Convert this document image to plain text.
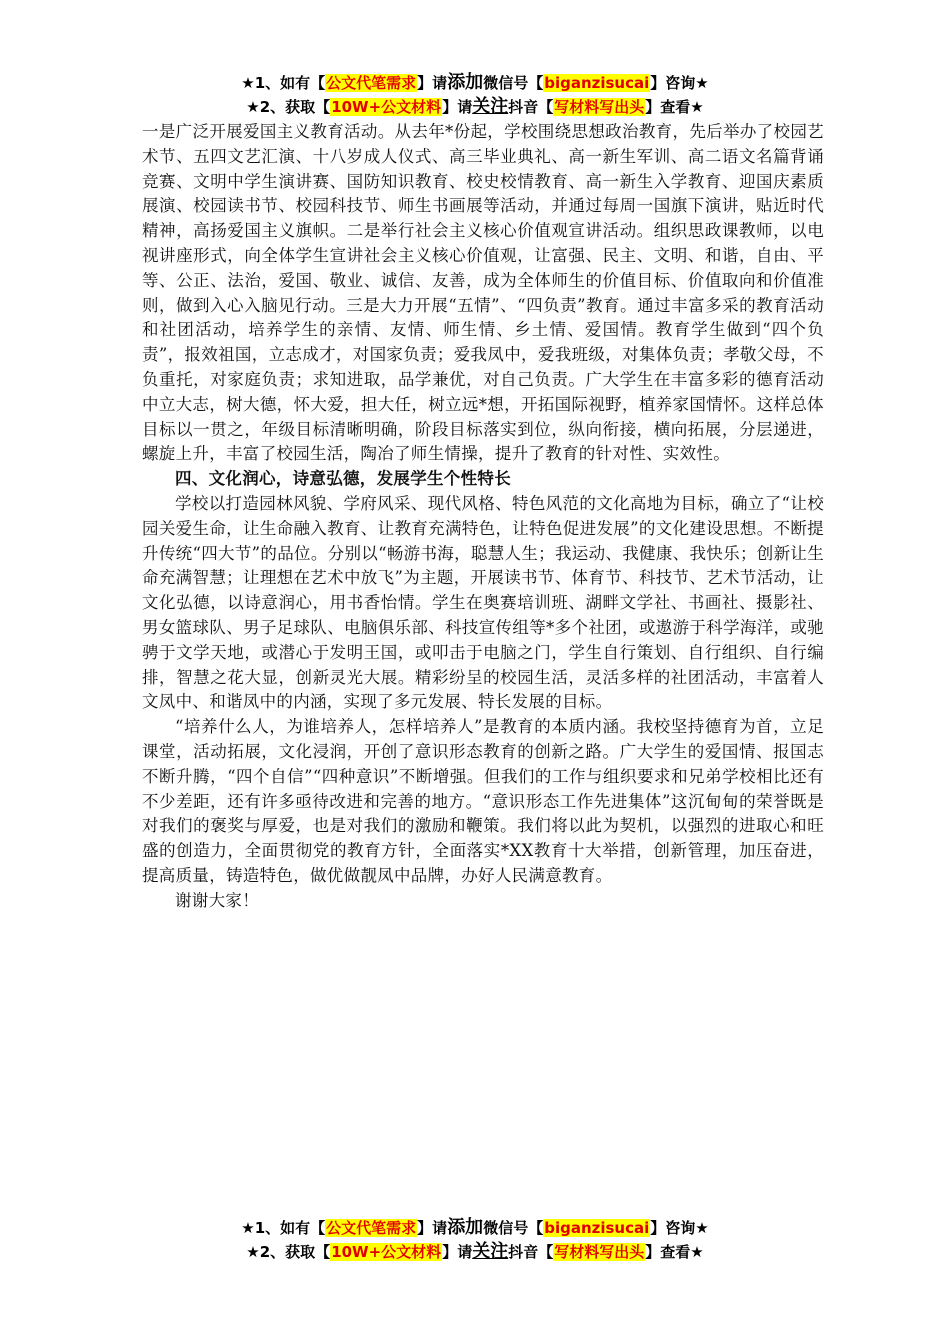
★1、如有【公文代笔需求】请添加微信号【biganzisucai】咨询★
★2、获取【10W+公文材料】请关注抖音【写材料写出头】查看★

一是广泛开展爱国主义教育活动。从去年*份起，学校围绕思想政治教育，先后举办了校园艺术节、五四文艺汇演、十八岁成人仪式、高三毕业典礼、高一新生军训、高二语文名篇背诵竞赛、文明中学生演讲赛、国防知识教育、校史校情教育、高一新生入学教育、迎国庆素质展演、校园读书节、校园科技节、师生书画展等活动，并通过每周一国旗下演讲，贴近时代精神，高扬爱国主义旗帜。二是举行社会主义核心价值观宣讲活动。组织思政课教师，以电视讲座形式，向全体学生宣讲社会主义核心价值观，让富强、民主、文明、和谐，自由、平等、公正、法治，爱国、敬业、诚信、友善，成为全体师生的价值目标、价值取向和价值准则，做到入心入脑见行动。三是大力开展“五情”、“四负责”教育。通过丰富多采的教育活动和社团活动，培养学生的亲情、友情、师生情、乡土情、爱国情。教育学生做到“四个负责”，报效祖国，立志成才，对国家负责；爱我凤中，爱我班级，对集体负责；孝敬父母，不负重托，对家庭负责；求知进取，品学兼优，对自己负责。广大学生在丰富多彩的德育活动中立大志，树大德，怀大爱，担大任，树立远*想，开拓国际视野，植养家国情怀。这样总体目标以一贯之，年级目标清晰明确，阶段目标落实到位，纵向衔接，横向拓展，分层递进，螺旋上升，丰富了校园生活，陶冶了师生情操，提升了教育的针对性、实效性。

四、文化润心，诗意弘德，发展学生个性特长

学校以打造园林风貌、学府风采、现代风格、特色风范的文化高地为目标，确立了“让校园关爱生命，让生命融入教育、让教育充满特色，让特色促进发展”的文化建设思想。不断提升传统“四大节”的品位。分别以“畅游书海，聪慧人生；我运动、我健康、我快乐；创新让生命充满智慧；让理想在艺术中放飞”为主题，开展读书节、体育节、科技节、艺术节活动，让文化弘德，以诗意润心，用书香怡情。学生在奥赛培训班、湖畔文学社、书画社、摄影社、男女篮球队、男子足球队、电脑俱乐部、科技宣传组等*多个社团，或遨游于科学海洋，或驰骋于文学天地，或潜心于发明王国，或叩击于电脑之门，学生自行策划、自行组织、自行编排，智慧之花大显，创新灵光大展。精彩纷呈的校园生活，灵活多样的社团活动，丰富着人文凤中、和谐凤中的内涵，实现了多元发展、特长发展的目标。

“培养什么人，为谁培养人，怎样培养人”是教育的本质内涵。我校坚持德育为首，立足课堂，活动拓展，文化浸润，开创了意识形态教育的创新之路。广大学生的爱国情、报国志不断升腾，“四个自信”“四种意识”不断增强。但我们的工作与组织要求和兄弟学校相比还有不少差距，还有许多亟待改进和完善的地方。“意识形态工作先进集体”这沉甸甸的荣誉既是对我们的褒奖与厚爱，也是对我们的激励和鞭策。我们将以此为契机，以强烈的进取心和旺盛的创造力，全面贯彻党的教育方针，全面落实*XX教育十大举措，创新管理，加压奋进，提高质量，铸造特色，做优做靓凤中品牌，办好人民满意教育。

谢谢大家！

★1、如有【公文代笔需求】请添加微信号【biganzisucai】咨询★
★2、获取【10W+公文材料】请关注抖音【写材料写出头】查看★
